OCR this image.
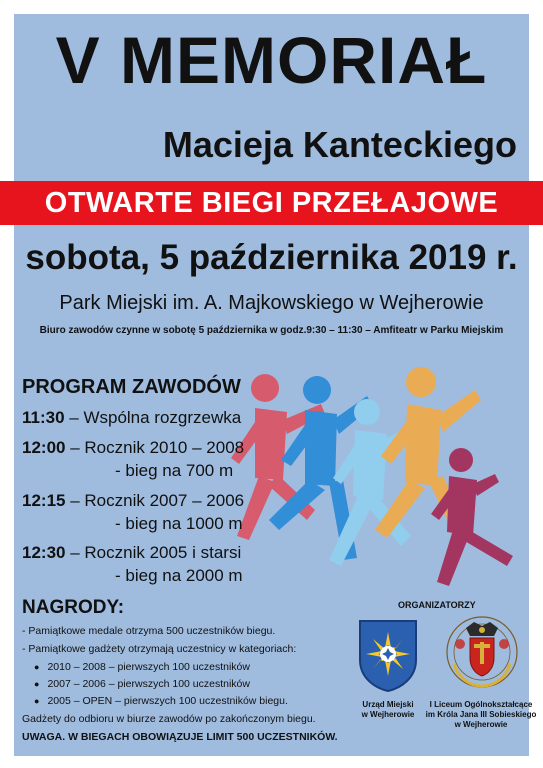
V MEMORIAŁ
Macieja Kanteckiego
OTWARTE BIEGI PRZEŁAJOWE
sobota, 5 października 2019 r.
Park Miejski im. A. Majkowskiego w Wejherowie
Biuro zawodów czynne w sobotę 5 października w godz.9:30 – 11:30 – Amfiteatr w Parku Miejskim
PROGRAM ZAWODÓW
11:30 – Wspólna rozgrzewka
12:00 – Rocznik 2010 – 2008
- bieg na 700 m
12:15 – Rocznik 2007 – 2006
- bieg na 1000 m
12:30 – Rocznik 2005 i starsi
- bieg na 2000 m
NAGRODY:
- Pamiątkowe medale otrzyma 500 uczestników biegu.
- Pamiątkowe gadżety otrzymają uczestnicy w kategoriach:
● 2010 – 2008 – pierwszych 100 uczestników
● 2007 – 2006 – pierwszych 100 uczestników
● 2005 – OPEN – pierwszych 100 uczestników biegu.
Gadżety do odbioru w biurze zawodów po zakończonym biegu.
UWAGA. W BIEGACH OBOWIĄZUJE LIMIT 500 UCZESTNIKÓW.
ORGANIZATORZY
Urząd Miejski
w Wejherowie
I Liceum Ogólnokształcące
im Króla Jana III Sobieskiego
w Wejherowie
